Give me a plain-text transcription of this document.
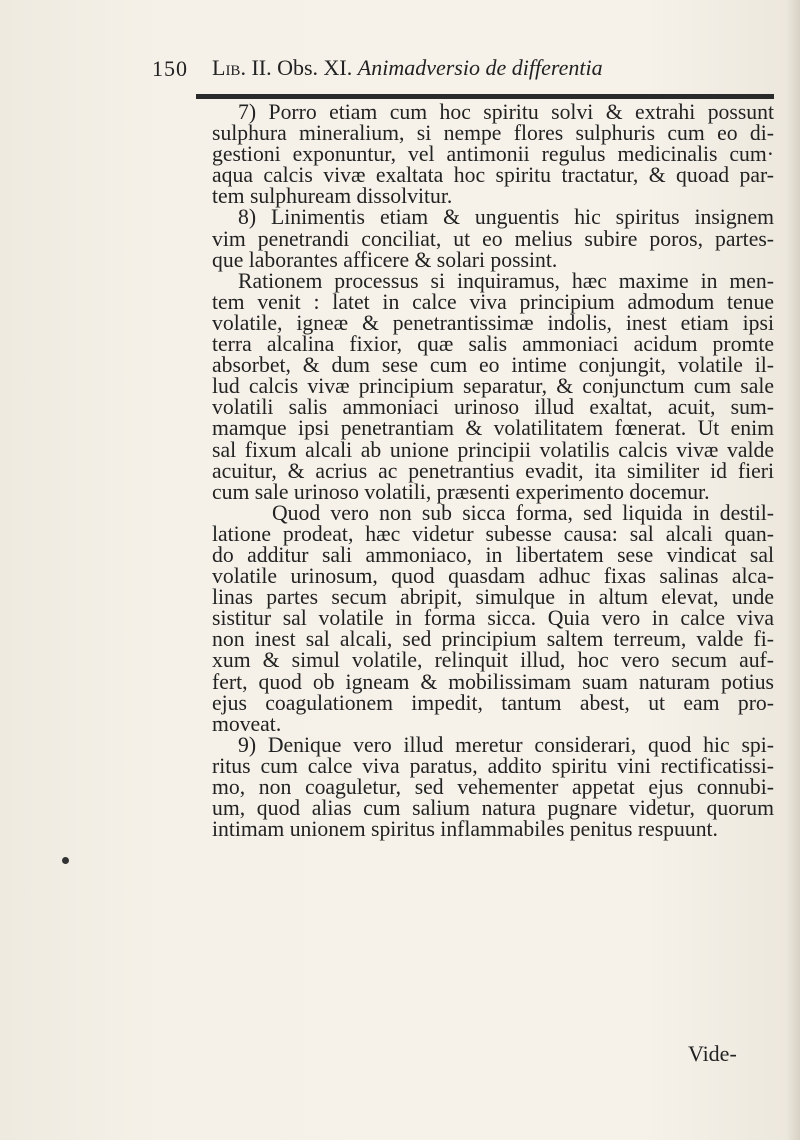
150 Lib. II. Obs. XI. Animadversio de differentia
7) Porro etiam cum hoc spiritu solvi & extrahi possunt
sulphura mineralium, si nempe flores sulphuris cum eo di-
gestioni exponuntur, vel antimonii regulus medicinalis cum·
aqua calcis vivæ exaltata hoc spiritu tractatur, & quoad par-
tem sulphuream dissolvitur.
8) Linimentis etiam & unguentis hic spiritus insignem
vim penetrandi conciliat, ut eo melius subire poros, partes-
que laborantes afficere & solari possint.
Rationem processus si inquiramus, hæc maxime in men-
tem venit : latet in calce viva principium admodum tenue
volatile, igneæ & penetrantissimæ indolis, inest etiam ipsi
terra alcalina fixior, quæ salis ammoniaci acidum promte
absorbet, & dum sese cum eo intime conjungit, volatile il-
lud calcis vivæ principium separatur, & conjunctum cum sale
volatili salis ammoniaci urinoso illud exaltat, acuit, sum-
mamque ipsi penetrantiam & volatilitatem fœnerat. Ut enim
sal fixum alcali ab unione principii volatilis calcis vivæ valde
acuitur, & acrius ac penetrantius evadit, ita similiter id fieri
cum sale urinoso volatili, præsenti experimento docemur.
Quod vero non sub sicca forma, sed liquida in destil-
latione prodeat, hæc videtur subesse causa: sal alcali quan-
do additur sali ammoniaco, in libertatem sese vindicat sal
volatile urinosum, quod quasdam adhuc fixas salinas alca-
linas partes secum abripit, simulque in altum elevat, unde
sistitur sal volatile in forma sicca. Quia vero in calce viva
non inest sal alcali, sed principium saltem terreum, valde fi-
xum & simul volatile, relinquit illud, hoc vero secum auf-
fert, quod ob igneam & mobilissimam suam naturam potius
ejus coagulationem impedit, tantum abest, ut eam pro-
moveat.
9) Denique vero illud meretur considerari, quod hic spi-
ritus cum calce viva paratus, addito spiritu vini rectificatissi-
mo, non coaguletur, sed vehementer appetat ejus connubi-
um, quod alias cum salium natura pugnare videtur, quorum
intimam unionem spiritus inflammabiles penitus respuunt.
Vide-
